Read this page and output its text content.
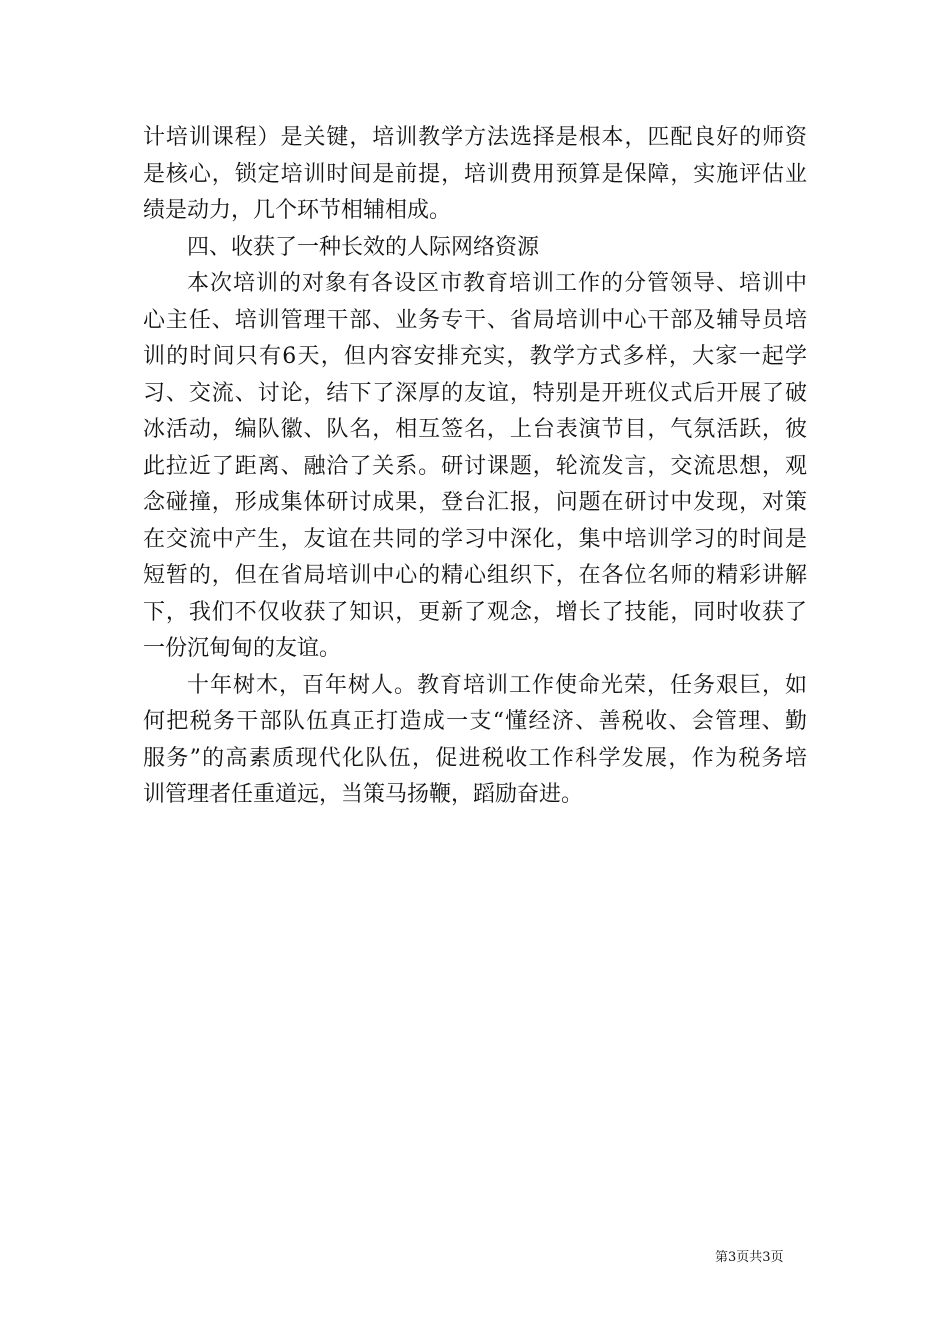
计培训课程）是关键，培训教学方法选择是根本，匹配良好的师资
是核心，锁定培训时间是前提，培训费用预算是保障，实施评估业
绩是动力，几个环节相辅相成。
四、收获了一种长效的人际网络资源
本次培训的对象有各设区市教育培训工作的分管领导、培训中
心主任、培训管理干部、业务专干、省局培训中心干部及辅导员培
训的时间只有6天，但内容安排充实，教学方式多样，大家一起学
习、交流、讨论，结下了深厚的友谊，特别是开班仪式后开展了破
冰活动，编队徽、队名，相互签名，上台表演节目，气氛活跃，彼
此拉近了距离、融洽了关系。研讨课题，轮流发言，交流思想，观
念碰撞，形成集体研讨成果，登台汇报，问题在研讨中发现，对策
在交流中产生，友谊在共同的学习中深化，集中培训学习的时间是
短暂的，但在省局培训中心的精心组织下，在各位名师的精彩讲解
下，我们不仅收获了知识，更新了观念，增长了技能，同时收获了
一份沉甸甸的友谊。
十年树木，百年树人。教育培训工作使命光荣，任务艰巨，如
何把税务干部队伍真正打造成一支“懂经济、善税收、会管理、勤
服务”的高素质现代化队伍，促进税收工作科学发展，作为税务培
训管理者任重道远，当策马扬鞭，蹈励奋进。
第3页共3页
